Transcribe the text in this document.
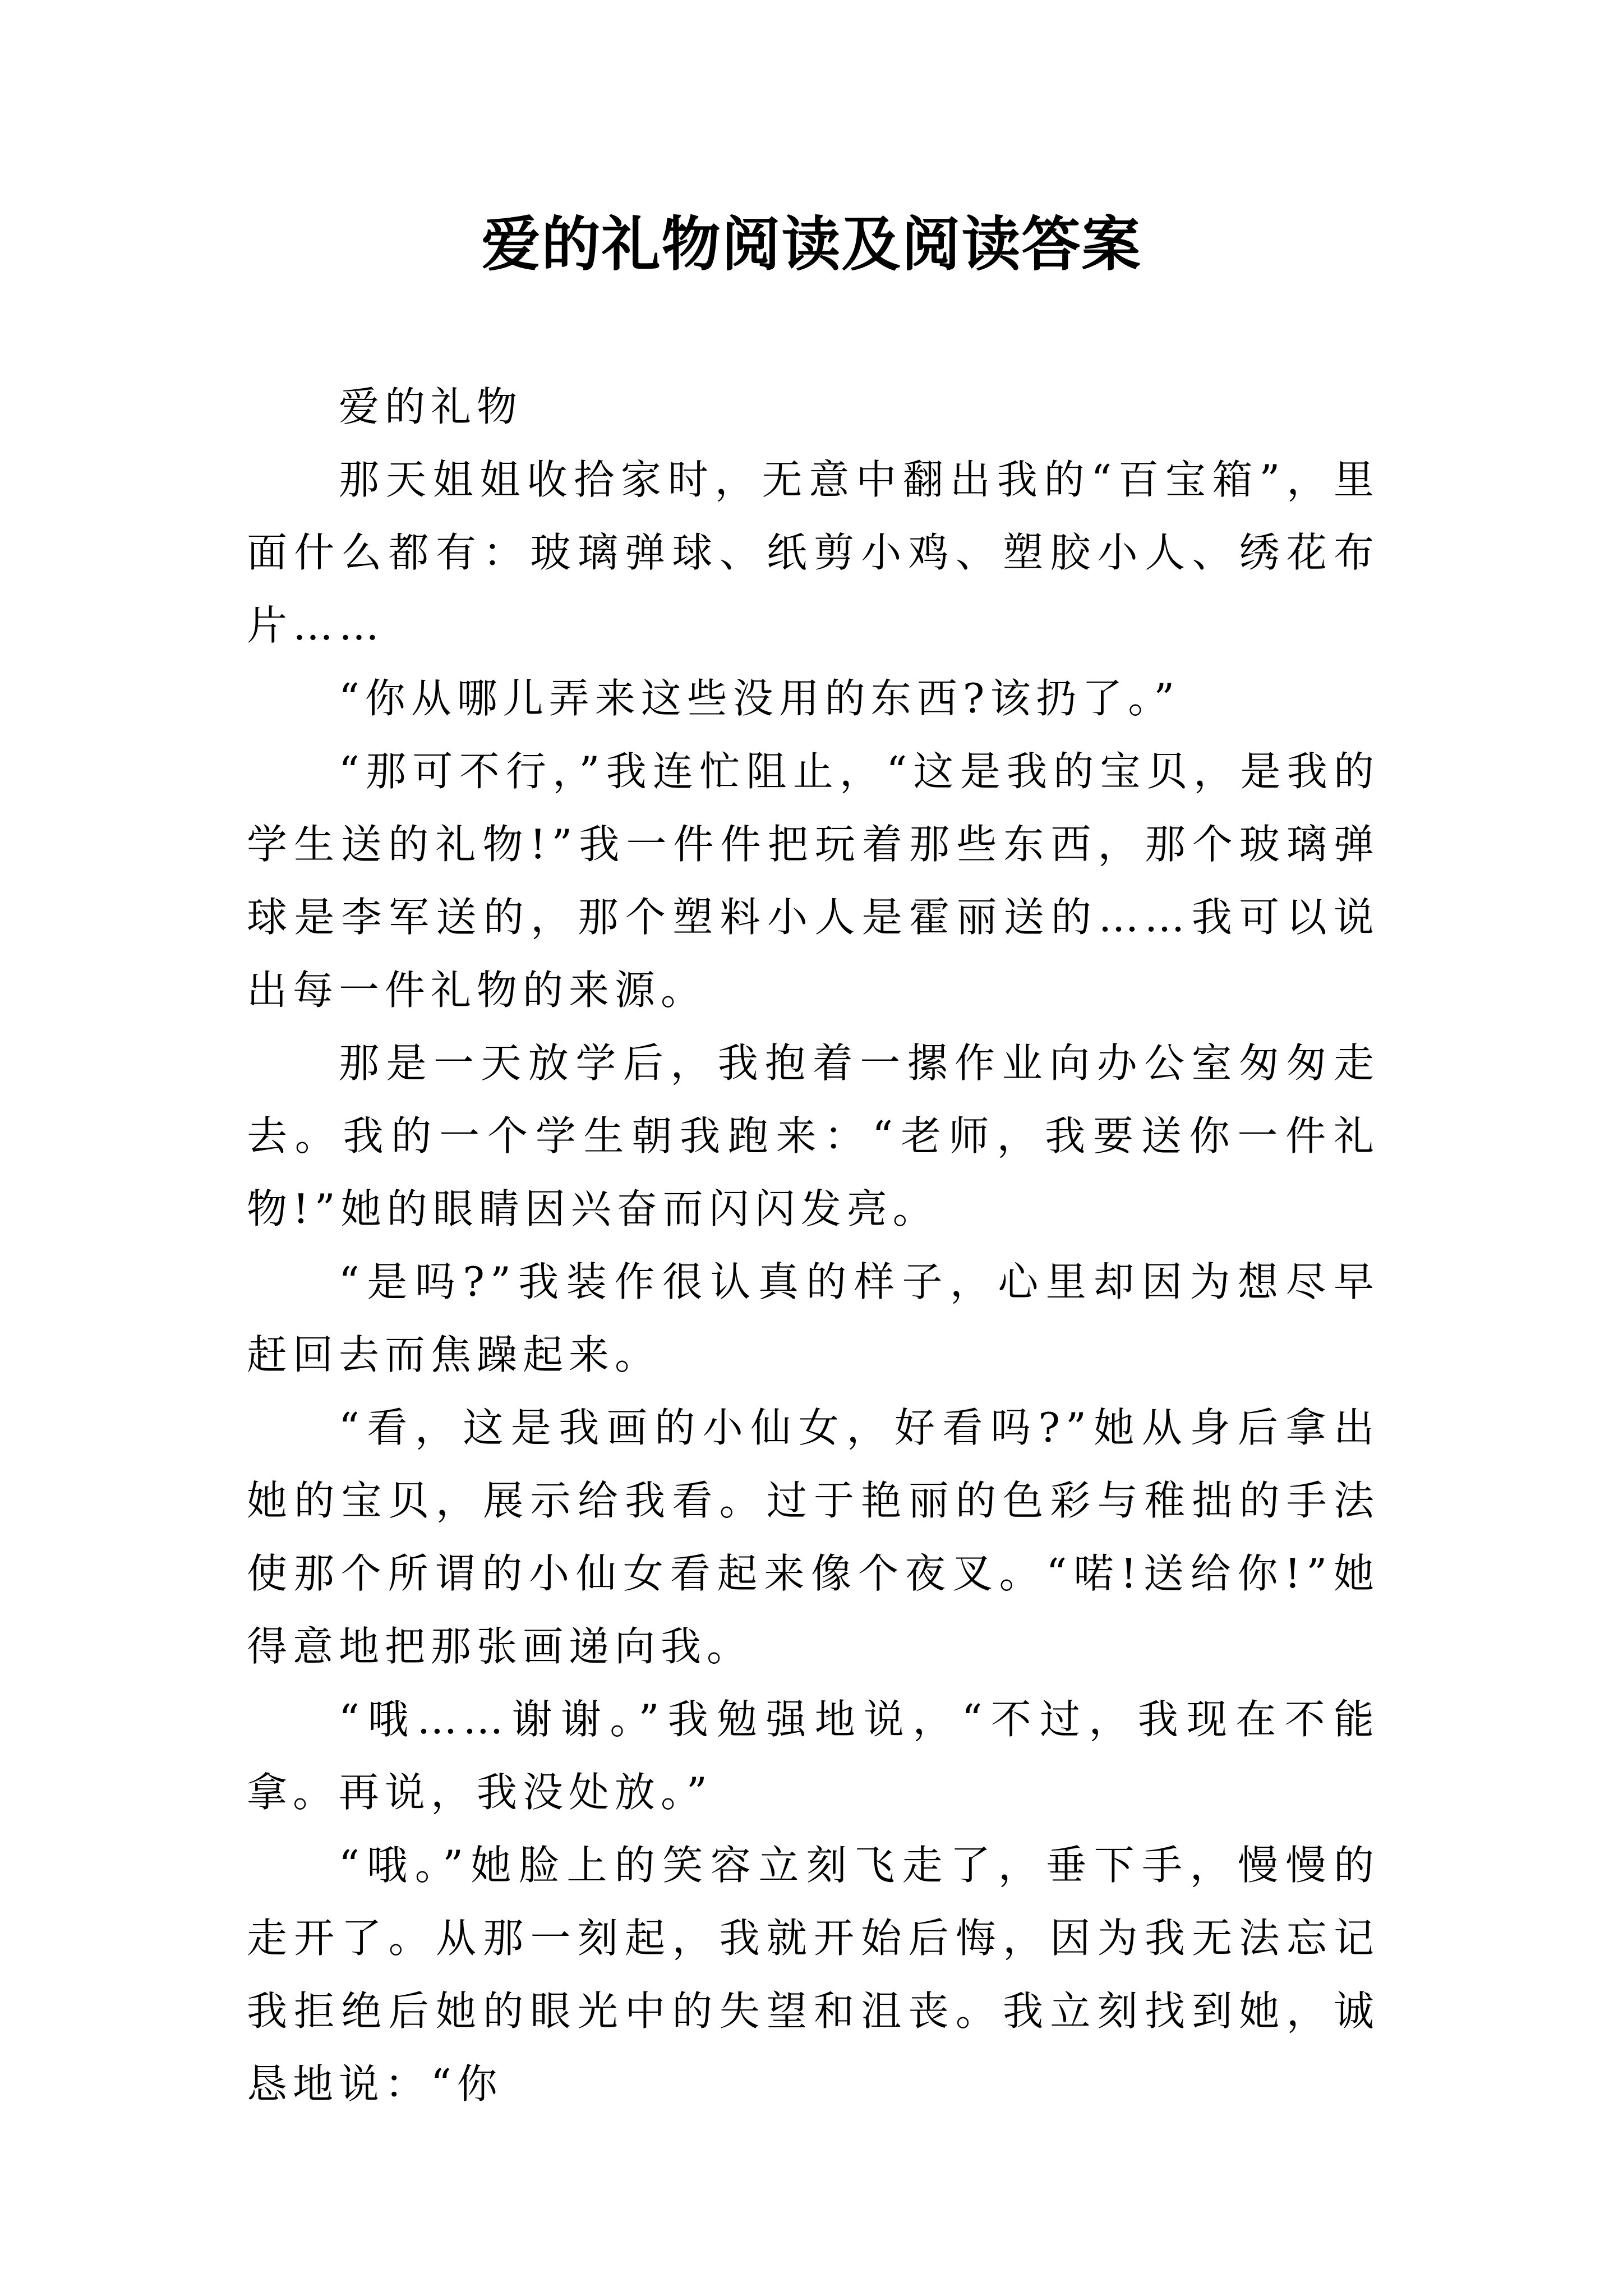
爱的礼物阅读及阅读答案

爱的礼物

那天姐姐收拾家时，无意中翻出我的“百宝箱”，里面什么都有：玻璃弹球、纸剪小鸡、塑胶小人、绣花布片……

“你从哪儿弄来这些没用的东西?该扔了。”

“那可不行，”我连忙阻止，“这是我的宝贝，是我的学生送的礼物!”我一件件把玩着那些东西，那个玻璃弹球是李军送的，那个塑料小人是霍丽送的……我可以说出每一件礼物的来源。

那是一天放学后，我抱着一摞作业向办公室匆匆走去。我的一个学生朝我跑来：“老师，我要送你一件礼物!”她的眼睛因兴奋而闪闪发亮。

“是吗?”我装作很认真的样子，心里却因为想尽早赶回去而焦躁起来。

“看，这是我画的小仙女，好看吗?”她从身后拿出她的宝贝，展示给我看。过于艳丽的色彩与稚拙的手法使那个所谓的小仙女看起来像个夜叉。“喏!送给你!”她得意地把那张画递向我。

“哦……谢谢。”我勉强地说，“不过，我现在不能拿。再说，我没处放。”

“哦。”她脸上的笑容立刻飞走了，垂下手，慢慢的走开了。从那一刻起，我就开始后悔，因为我无法忘记我拒绝后她的眼光中的失望和沮丧。我立刻找到她，诚恳地说：“你
